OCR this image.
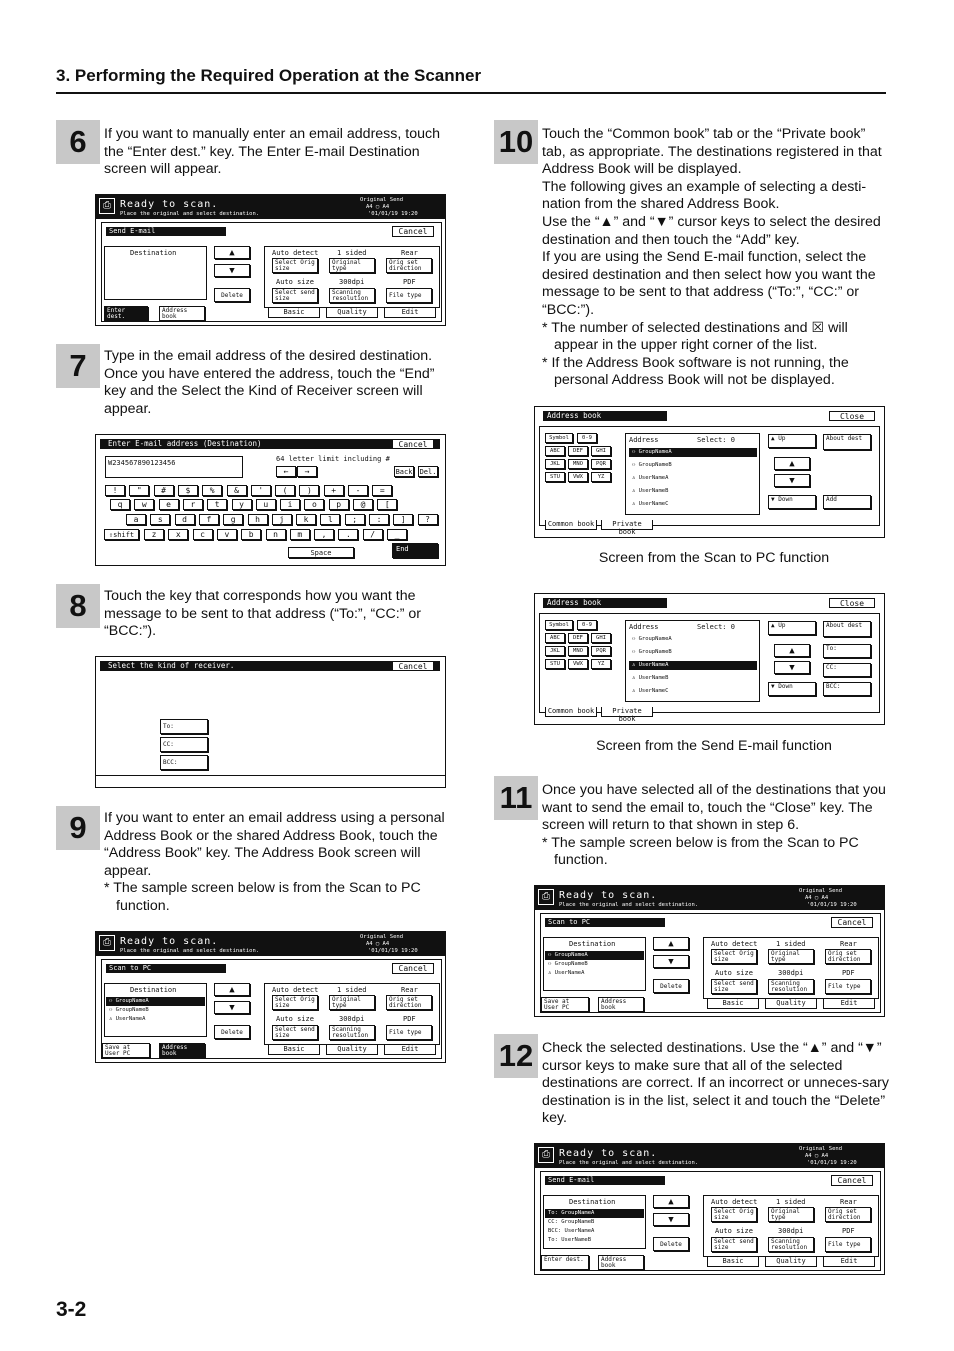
3. Performing the Required Operation at the Scanner
6	If you want to manually enter an email address, touch the “Enter dest.” key. The Enter E-mail Destination screen will appear.
7	Type in the email address of the desired destination. Once you have entered the address, touch the “End” key and the Select the Kind of Receiver screen will appear.
8	Touch the key that corresponds how you want the message to be sent to that address (“To:”, “CC:” or “BCC:”).
9	If you want to enter an email address using a personal Address Book or the shared Address Book, touch the “Address Book” key. The Address Book screen will appear.

* The sample screen below is from the Scan to PC function.

10 Touch the “Common book” tab or the “Private book” tab, as appropriate. The destinations registered in that Address Book will be displayed.

The following gives an example of selecting a desti-nation from the shared Address Book.

Use the “▲” and “▼” cursor keys to select the desired destination and then touch the “Add” key.

If you are using the Send E-mail function, select the desired destination and then select how you want the message to be sent to that address (“To:”, “CC:” or “BCC:”).

* The number of selected destinations and ☒ will appear in the upper right corner of the list.

* If the Address Book software is not running, the personal Address Book will not be displayed.

11 Once you have selected all of the destinations that you want to send the email to, touch the “Close” key. The screen will return to that shown in step 6.

* The sample screen below is from the Scan to PC function.

12 Check the selected destinations. Use the “▲” and “▼” cursor keys to make sure that all of the selected destinations are correct. If an incorrect or unneces-sary destination is in the list, select it and touch the “Delete” key.
Screen from the Scan to PC function
Screen from the Send E-mail function
3-2
⎙ Ready to scan.
Place the original and select destination.
Original Send
A4 ▢ A4
'01/01/19 19:20
Send E-mail	Cancel
Destination	▲
▼
Delete
Enter dest.
Address book
Auto detect	1 sided	Rear
Select Orig size
Original type
Orig set direction
Auto size	300dpi	PDF
Select send size
Scanning resolution	File type
Basic	Quality	Edit
Enter E-mail address (Destination)	Cancel
W234567890123456	64 letter limit including #
←	→	Back Del.
!	"	#	$	%	&	'	(	)	+	-	=
q	w	e	r	t	y	u	i	o	p	@	[
a	s	d	f	g	h	j	k	l	;	:	]	?
z	x	c	v	b	n	m	,	.	/	_
⇧shift
Space	End
Select the kind of receiver.	Cancel
To:
CC:
BCC:
⎙ Ready to scan.
Place the original and select destination.
Original Send
A4 ▢ A4
'01/01/19 19:20
Scan to PC	Cancel
Destination
⚇ GroupNameA
⚇ GroupNameB
♙ UserNameA
▲
▼
Delete
Save at User PC
Address book
Auto detect	1 sided	Rear
Select Orig size
Original type
Orig set direction
Auto size	300dpi	PDF
Select send size
Scanning resolution	File type
Basic	Quality	Edit
Address book	Close
Symbol	0-9
ABC	DEF	GHI
JKL	MNO	PQR
STU	VWX	YZ
Address	Select: 0
⚇ GroupNameA
⚇ GroupNameB
♙ UserNameA
♙ UserNameB
♙ UserNameC
▲ Up
▲
▼
▼ Down
About dest
Add
Common book	Private book
Address book	Close
Symbol	0-9
ABC	DEF	GHI
JKL	MNO	PQR
STU	VWX	YZ
Address	Select: 0
⚇ GroupNameA
⚇ GroupNameB
♙ UserNameA
♙ UserNameB
♙ UserNameC
▲ Up
▲
▼
▼ Down
About dest
To:
CC:
BCC:
Common book	Private book
⎙ Ready to scan.
Place the original and select destination.
Original Send
A4 ▢ A4
'01/01/19 19:20
Scan to PC	Cancel
Destination
⚇ GroupNameA
⚇ GroupNameB
♙ UserNameA
▲
▼
Delete
Save at User PC
Address book
Auto detect	1 sided	Rear
Select Orig size
Original type
Orig set direction
Auto size	300dpi	PDF
Select send size
Scanning resolution	File type
Basic	Quality	Edit
⎙ Ready to scan.
Place the original and select destination.
Original Send
A4 ▢ A4
'01/01/19 19:20
Send E-mail	Cancel
Destination
To: GroupNameA
CC: GroupNameB
BCC: UserNameA
To: UserNameB
▲
▼
Delete
Enter dest.	Address book
Auto detect	1 sided	Rear
Select Orig size
Original type
Orig set direction
Auto size	300dpi	PDF
Select send size
Scanning resolution	File type
Basic	Quality	Edit
